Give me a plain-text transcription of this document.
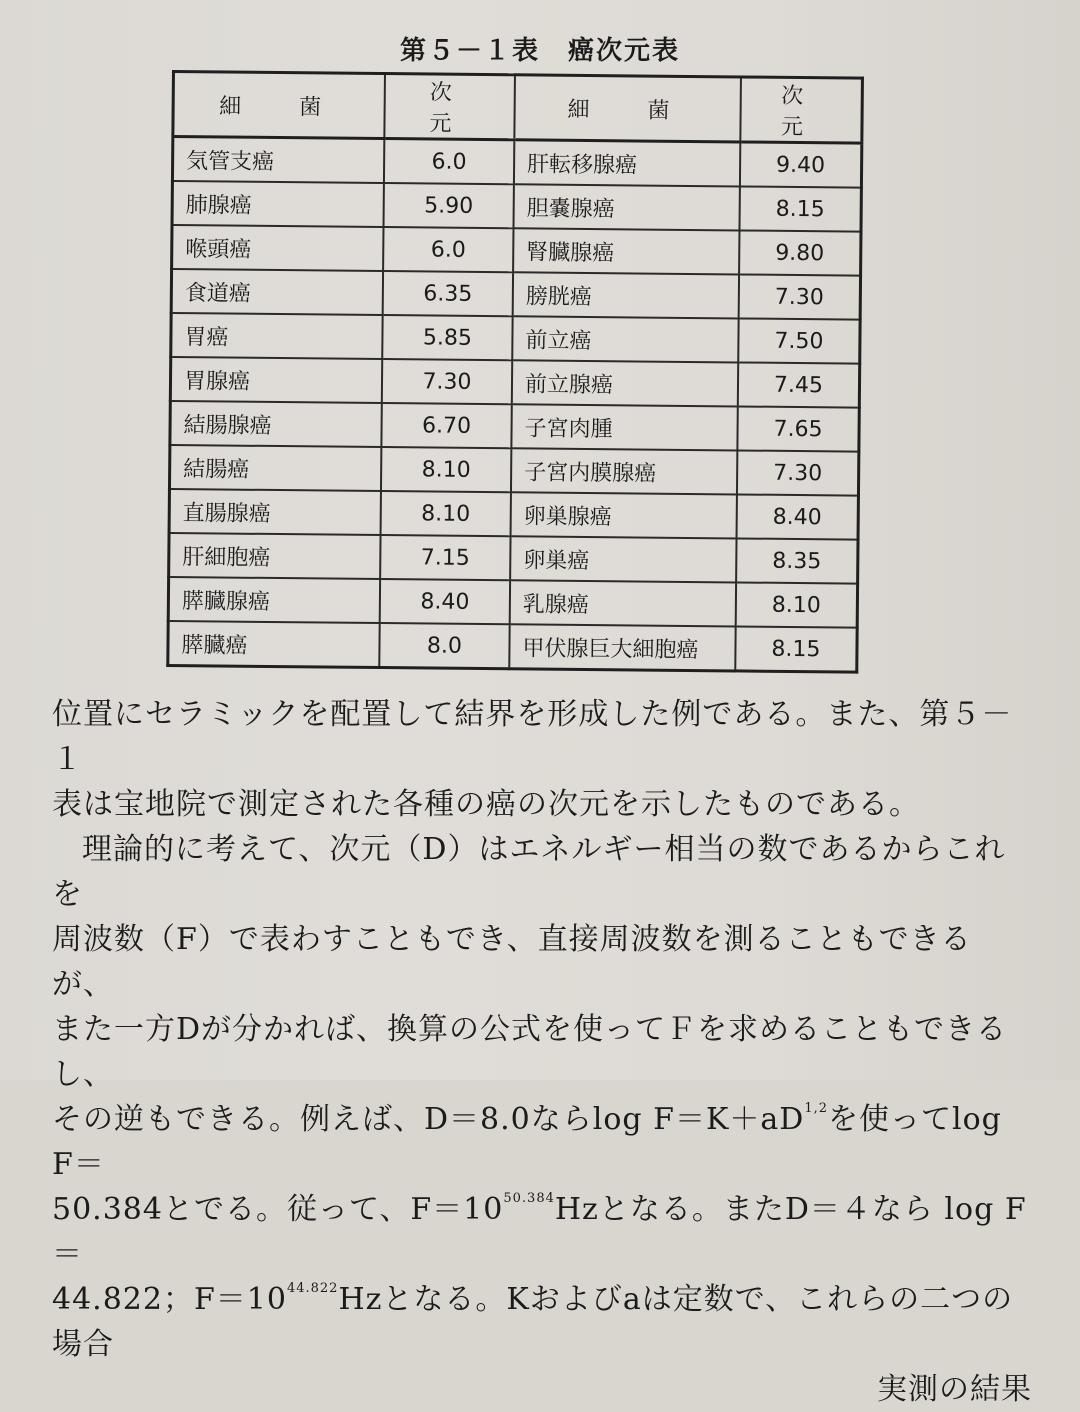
第５－１表　癌次元表
細　菌	次　元	細　菌	次　元
気管支癌	6.0	肝転移腺癌	9.40
肺腺癌	5.90	胆嚢腺癌	8.15
喉頭癌	6.0	腎臓腺癌	9.80
食道癌	6.35	膀胱癌	7.30
胃癌	5.85	前立癌	7.50
胃腺癌	7.30	前立腺癌	7.45
結腸腺癌	6.70	子宮肉腫	7.65
結腸癌	8.10	子宮内膜腺癌	7.30
直腸腺癌	8.10	卵巣腺癌	8.40
肝細胞癌	7.15	卵巣癌	8.35
膵臓腺癌	8.40	乳腺癌	8.10
膵臓癌	8.0	甲伏腺巨大細胞癌	8.15

位置にセラミックを配置して結界を形成した例である。また、第５－１

表は宝地院で測定された各種の癌の次元を示したものである。

理論的に考えて、次元（D）はエネルギー相当の数であるからこれを

周波数（F）で表わすこともでき、直接周波数を測ることもできるが、

また一方Dが分かれば、換算の公式を使ってＦを求めることもできるし、

その逆もできる。例えば、D＝8.0ならlog F＝K＋aD$^{1,2}$を使ってlog F＝

50.384とでる。従って、$F=10^{50.384}Hz$となる。またD＝４なら log F＝

44.822；$F=10^{44.822}Hz$となる。Kおよびaは定数で、これらの二つの場合

実測の結果
